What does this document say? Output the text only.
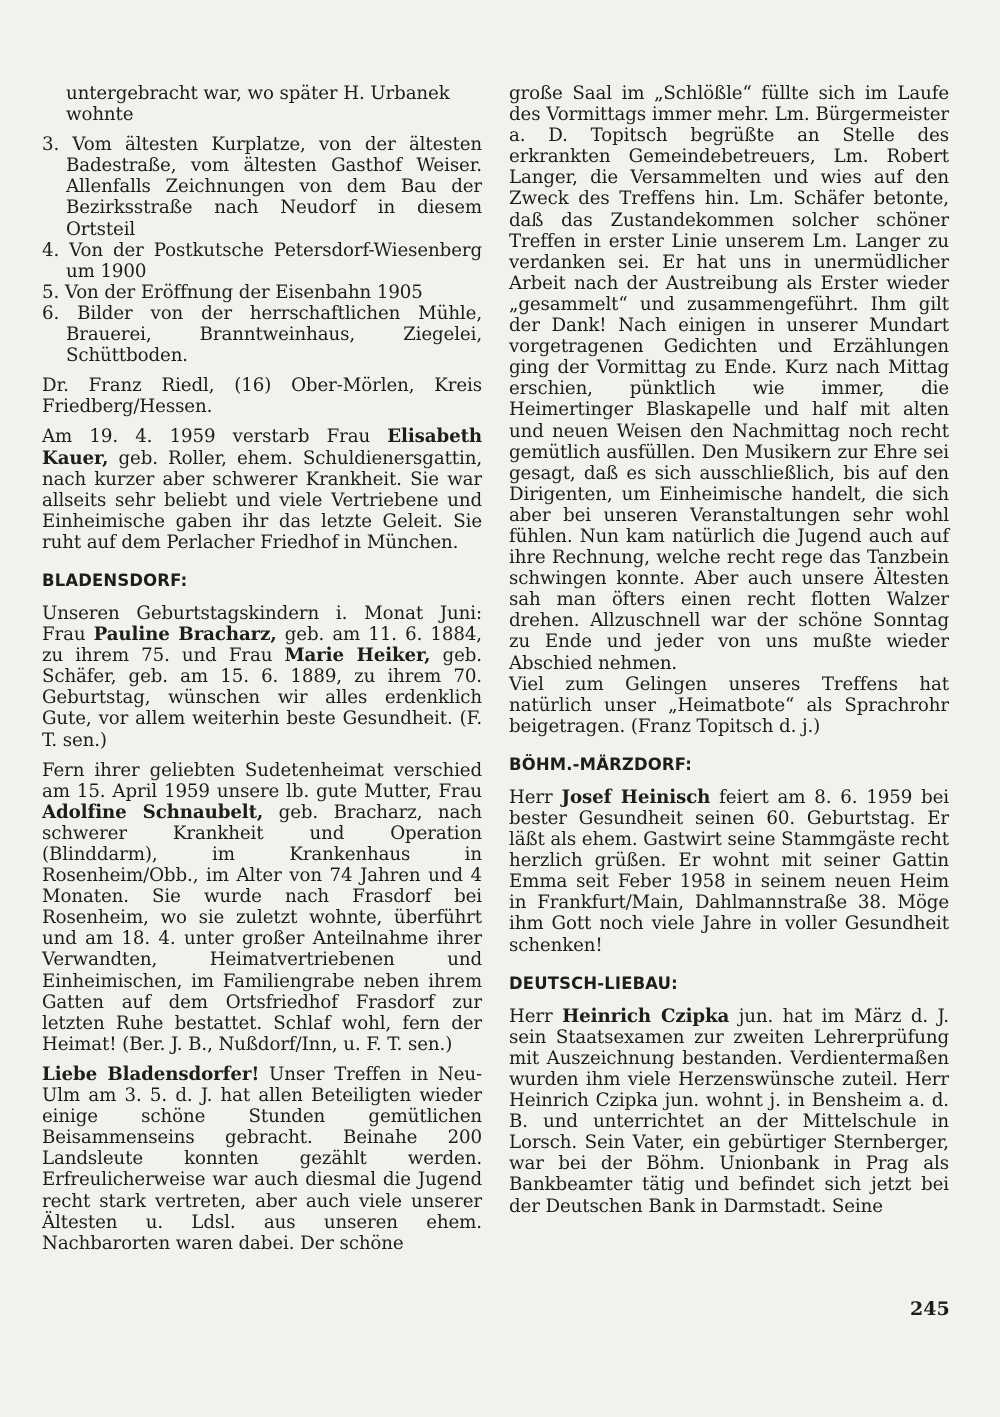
untergebracht war, wo später H. Urbanek
wohnte

3. Vom ältesten Kurplatze, von der ältesten Badestraße, vom ältesten Gasthof Weiser. Allenfalls Zeichnungen von dem Bau der Bezirksstraße nach Neudorf in diesem Ortsteil
4. Von der Postkutsche Petersdorf-Wiesenberg um 1900
5. Von der Eröffnung der Eisenbahn 1905
6. Bilder von der herrschaftlichen Mühle, Brauerei, Branntweinhaus, Ziegelei, Schüttboden.

Dr. Franz Riedl, (16) Ober-Mörlen, Kreis Friedberg/Hessen.

Am 19. 4. 1959 verstarb Frau Elisabeth Kauer, geb. Roller, ehem. Schuldienersgattin, nach kurzer aber schwerer Krankheit. Sie war allseits sehr beliebt und viele Vertriebene und Einheimische gaben ihr das letzte Geleit. Sie ruht auf dem Perlacher Friedhof in München.

BLADENSDORF:

Unseren Geburtstagskindern i. Monat Juni: Frau Pauline Bracharz, geb. am 11. 6. 1884, zu ihrem 75. und Frau Marie Heiker, geb. Schäfer, geb. am 15. 6. 1889, zu ihrem 70. Geburtstag, wünschen wir alles erdenklich Gute, vor allem weiterhin beste Gesundheit. (F. T. sen.)

Fern ihrer geliebten Sudetenheimat verschied am 15. April 1959 unsere lb. gute Mutter, Frau Adolfine Schnaubelt, geb. Bracharz, nach schwerer Krankheit und Operation (Blinddarm), im Krankenhaus in Rosenheim/Obb., im Alter von 74 Jahren und 4 Monaten. Sie wurde nach Frasdorf bei Rosenheim, wo sie zuletzt wohnte, überführt und am 18. 4. unter großer Anteilnahme ihrer Verwandten, Heimatvertriebenen und Einheimischen, im Familiengrabe neben ihrem Gatten auf dem Ortsfriedhof Frasdorf zur letzten Ruhe bestattet. Schlaf wohl, fern der Heimat! (Ber. J. B., Nußdorf/Inn, u. F. T. sen.)

Liebe Bladensdorfer! Unser Treffen in Neu-Ulm am 3. 5. d. J. hat allen Beteiligten wieder einige schöne Stunden gemütlichen Beisammenseins gebracht. Beinahe 200 Landsleute konnten gezählt werden. Erfreulicherweise war auch diesmal die Jugend recht stark vertreten, aber auch viele unserer Ältesten u. Ldsl. aus unseren ehem. Nachbarorten waren dabei. Der schöne

große Saal im „Schlößle“ füllte sich im Laufe des Vormittags immer mehr. Lm. Bürgermeister a. D. Topitsch begrüßte an Stelle des erkrankten Gemeindebetreuers, Lm. Robert Langer, die Versammelten und wies auf den Zweck des Treffens hin. Lm. Schäfer betonte, daß das Zustandekommen solcher schöner Treffen in erster Linie unserem Lm. Langer zu verdanken sei. Er hat uns in unermüdlicher Arbeit nach der Austreibung als Erster wieder „gesammelt“ und zusammengeführt. Ihm gilt der Dank! Nach einigen in unserer Mundart vorgetragenen Gedichten und Erzählungen ging der Vormittag zu Ende. Kurz nach Mittag erschien, pünktlich wie immer, die Heimertinger Blaskapelle und half mit alten und neuen Weisen den Nachmittag noch recht gemütlich ausfüllen. Den Musikern zur Ehre sei gesagt, daß es sich ausschließlich, bis auf den Dirigenten, um Einheimische handelt, die sich aber bei unseren Veranstaltungen sehr wohl fühlen. Nun kam natürlich die Jugend auch auf ihre Rechnung, welche recht rege das Tanzbein schwingen konnte. Aber auch unsere Ältesten sah man öfters einen recht flotten Walzer drehen. Allzuschnell war der schöne Sonntag zu Ende und jeder von uns mußte wieder Abschied nehmen.

Viel zum Gelingen unseres Treffens hat natürlich unser „Heimatbote“ als Sprachrohr beigetragen. (Franz Topitsch d. j.)

BÖHM.-MÄRZDORF:

Herr Josef Heinisch feiert am 8. 6. 1959 bei bester Gesundheit seinen 60. Geburtstag. Er läßt als ehem. Gastwirt seine Stammgäste recht herzlich grüßen. Er wohnt mit seiner Gattin Emma seit Feber 1958 in seinem neuen Heim in Frankfurt/Main, Dahlmannstraße 38. Möge ihm Gott noch viele Jahre in voller Gesundheit schenken!

DEUTSCH-LIEBAU:

Herr Heinrich Czipka jun. hat im März d. J. sein Staatsexamen zur zweiten Lehrerprüfung mit Auszeichnung bestanden. Verdientermaßen wurden ihm viele Herzenswünsche zuteil. Herr Heinrich Czipka jun. wohnt j. in Bensheim a. d. B. und unterrichtet an der Mittelschule in Lorsch. Sein Vater, ein gebürtiger Sternberger, war bei der Böhm. Unionbank in Prag als Bankbeamter tätig und befindet sich jetzt bei der Deutschen Bank in Darmstadt. Seine

245
